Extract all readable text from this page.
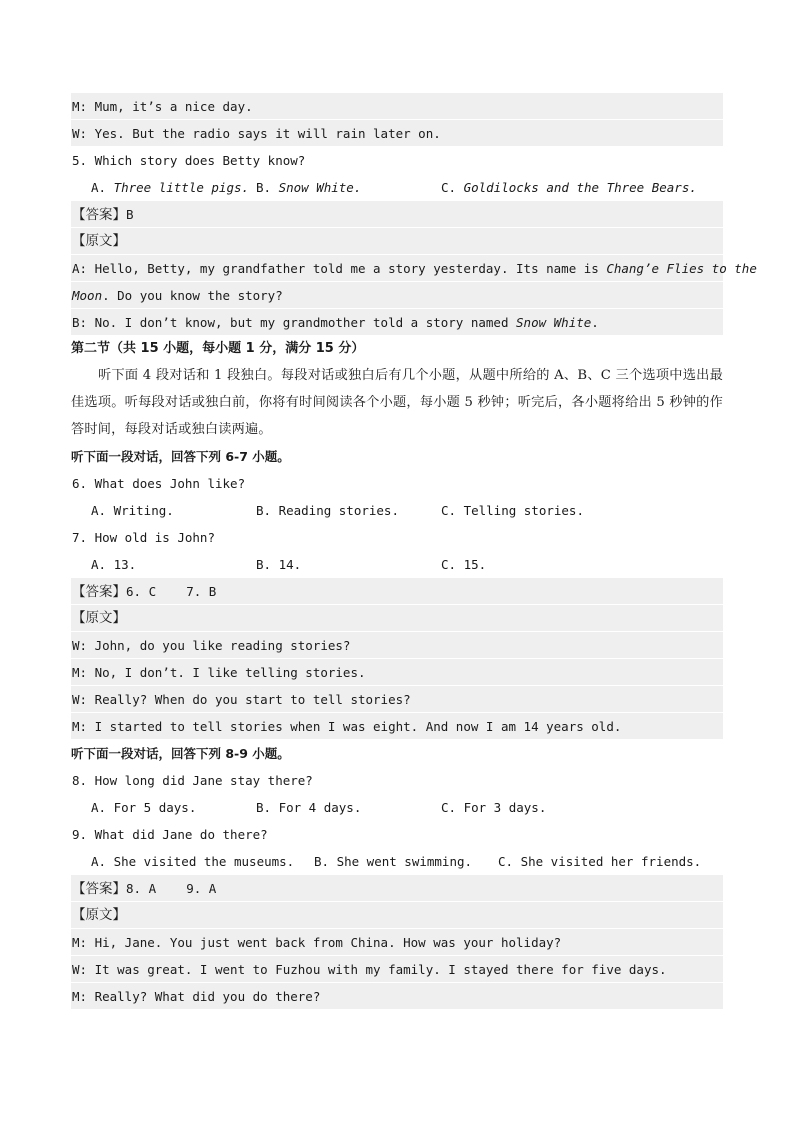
M: Mum, it’s a nice day.
W: Yes. But the radio says it will rain later on.
5. Which story does Betty know?
A. Three little pigs. B. Snow White.	C. Goldilocks and the Three Bears.
【答案】B
【原文】
A: Hello, Betty, my grandfather told me a story yesterday. Its name is Chang’e Flies to the
Moon. Do you know the story?
B: No. I don’t know, but my grandmother told a story named Snow White.
第二节（共 15 小题，每小题 1 分，满分 15 分）
听下面 4 段对话和 1 段独白。每段对话或独白后有几个小题，从题中所给的 A、B、C 三个选项中选出最佳选项。听每段对话或独白前，你将有时间阅读各个小题，每小题 5 秒钟；听完后，各小题将给出 5 秒钟的作答时间，每段对话或独白读两遍。
听下面一段对话，回答下列 6-7 小题。
6. What does John like?
A. Writing.	B. Reading stories.	C. Telling stories.
7. How old is John?
A. 13.	B. 14.	C. 15.
【答案】6. C    7. B
【原文】
W: John, do you like reading stories?
M: No, I don’t. I like telling stories.
W: Really? When do you start to tell stories?
M: I started to tell stories when I was eight. And now I am 14 years old.
听下面一段对话，回答下列 8-9 小题。
8. How long did Jane stay there?
A. For 5 days.	B. For 4 days.	C. For 3 days.
9. What did Jane do there?
A. She visited the museums. B. She went swimming. C. She visited her friends.
【答案】8. A    9. A
【原文】
M: Hi, Jane. You just went back from China. How was your holiday?
W: It was great. I went to Fuzhou with my family. I stayed there for five days.
M: Really? What did you do there?
